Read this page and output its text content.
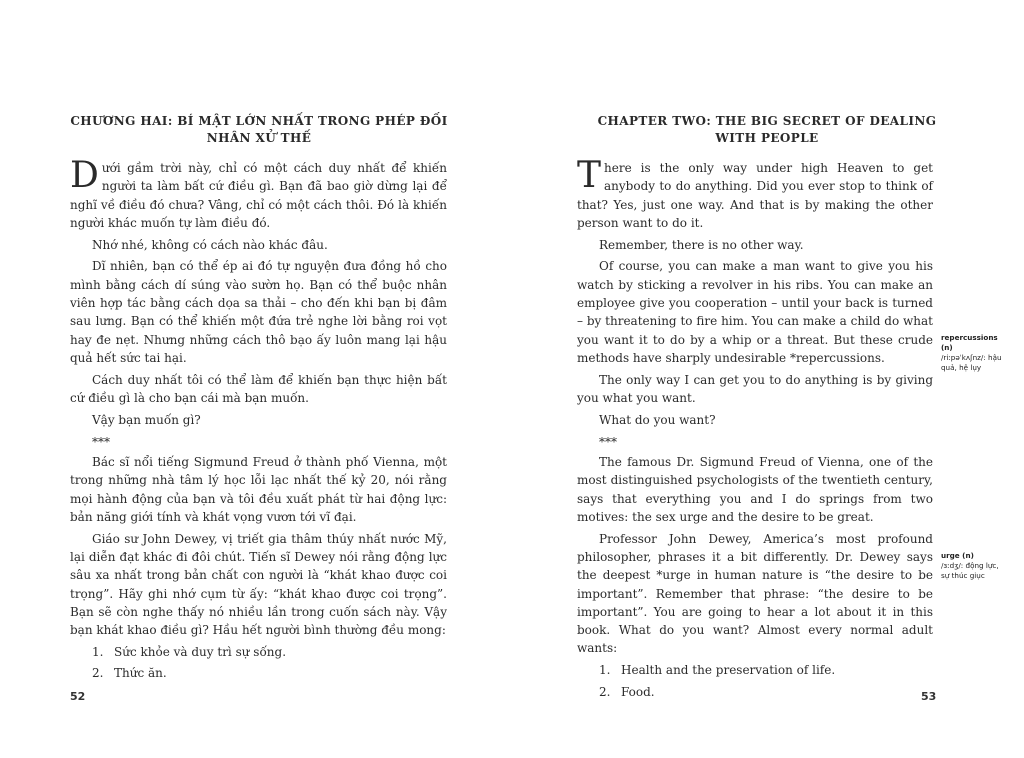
CHƯƠNG HAI: BÍ MẬT LỚN NHẤT TRONG PHÉP ĐỐI NHÂN XỬ THẾ

Dưới gầm trời này, chỉ có một cách duy nhất để khiến người ta làm bất cứ điều gì. Bạn đã bao giờ dừng lại để nghĩ về điều đó chưa? Vâng, chỉ có một cách thôi. Đó là khiến người khác muốn tự làm điều đó.

Nhớ nhé, không có cách nào khác đâu.

Dĩ nhiên, bạn có thể ép ai đó tự nguyện đưa đồng hồ cho mình bằng cách dí súng vào sườn họ. Bạn có thể buộc nhân viên hợp tác bằng cách dọa sa thải – cho đến khi bạn bị đâm sau lưng. Bạn có thể khiến một đứa trẻ nghe lời bằng roi vọt hay đe nẹt. Nhưng những cách thô bạo ấy luôn mang lại hậu quả hết sức tai hại.

Cách duy nhất tôi có thể làm để khiến bạn thực hiện bất cứ điều gì là cho bạn cái mà bạn muốn.

Vậy bạn muốn gì?

***

Bác sĩ nổi tiếng Sigmund Freud ở thành phố Vienna, một trong những nhà tâm lý học lỗi lạc nhất thế kỷ 20, nói rằng mọi hành động của bạn và tôi đều xuất phát từ hai động lực: bản năng giới tính và khát vọng vươn tới vĩ đại.

Giáo sư John Dewey, vị triết gia thâm thúy nhất nước Mỹ, lại diễn đạt khác đi đôi chút. Tiến sĩ Dewey nói rằng động lực sâu xa nhất trong bản chất con người là “khát khao được coi trọng”. Hãy ghi nhớ cụm từ ấy: “khát khao được coi trọng”. Bạn sẽ còn nghe thấy nó nhiều lần trong cuốn sách này. Vậy bạn khát khao điều gì? Hầu hết người bình thường đều mong:

1. Sức khỏe và duy trì sự sống.
2. Thức ăn.
52
CHAPTER TWO: THE BIG SECRET OF DEALING WITH PEOPLE

There is the only way under high Heaven to get anybody to do anything. Did you ever stop to think of that? Yes, just one way. And that is by making the other person want to do it.

Remember, there is no other way.

Of course, you can make a man want to give you his watch by sticking a revolver in his ribs. You can make an employee give you cooperation – until your back is turned – by threatening to fire him. You can make a child do what you want it to do by a whip or a threat. But these crude methods have sharply undesirable *repercussions.

The only way I can get you to do anything is by giving you what you want.

What do you want?

***

The famous Dr. Sigmund Freud of Vienna, one of the most distinguished psychologists of the twentieth century, says that everything you and I do springs from two motives: the sex urge and the desire to be great.

Professor John Dewey, America’s most profound philosopher, phrases it a bit differently. Dr. Dewey says the deepest *urge in human nature is “the desire to be important”. Remember that phrase: “the desire to be important”. You are going to hear a lot about it in this book. What do you want? Almost every normal adult wants:

1. Health and the preservation of life.
2. Food.
repercussions (n)
/riːpəˈkʌʃnz/: hậu quả, hệ lụy
urge (n)
/ɜːdʒ/: động lực, sự thúc giục
53
